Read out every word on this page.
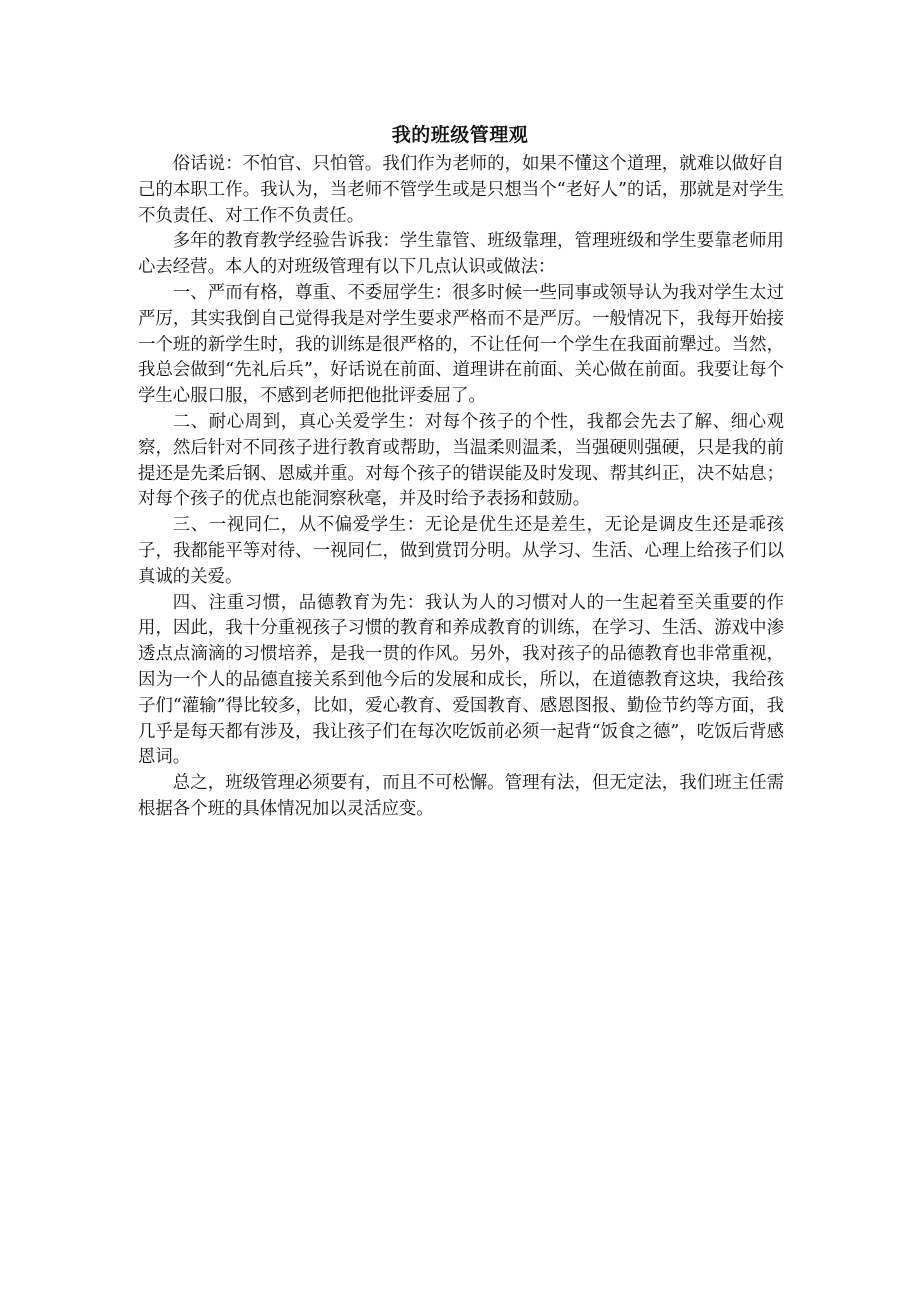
我的班级管理观

俗话说：不怕官、只怕管。我们作为老师的，如果不懂这个道理，就难以做好自己的本职工作。我认为，当老师不管学生或是只想当个“老好人”的话，那就是对学生不负责任、对工作不负责任。

多年的教育教学经验告诉我：学生靠管、班级靠理，管理班级和学生要靠老师用心去经营。本人的对班级管理有以下几点认识或做法：

一、严而有格，尊重、不委屈学生：很多时候一些同事或领导认为我对学生太过严厉，其实我倒自己觉得我是对学生要求严格而不是严厉。一般情况下，我每开始接一个班的新学生时，我的训练是很严格的，不让任何一个学生在我面前犟过。当然，我总会做到“先礼后兵”，好话说在前面、道理讲在前面、关心做在前面。我要让每个学生心服口服，不感到老师把他批评委屈了。

二、耐心周到，真心关爱学生：对每个孩子的个性，我都会先去了解、细心观察，然后针对不同孩子进行教育或帮助，当温柔则温柔，当强硬则强硬，只是我的前提还是先柔后钢、恩威并重。对每个孩子的错误能及时发现、帮其纠正，决不姑息；对每个孩子的优点也能洞察秋毫，并及时给予表扬和鼓励。

三、一视同仁，从不偏爱学生：无论是优生还是差生，无论是调皮生还是乖孩子，我都能平等对待、一视同仁，做到赏罚分明。从学习、生活、心理上给孩子们以真诚的关爱。

四、注重习惯，品德教育为先：我认为人的习惯对人的一生起着至关重要的作用，因此，我十分重视孩子习惯的教育和养成教育的训练，在学习、生活、游戏中渗透点点滴滴的习惯培养，是我一贯的作风。另外，我对孩子的品德教育也非常重视，因为一个人的品德直接关系到他今后的发展和成长，所以，在道德教育这块，我给孩子们“灌输”得比较多，比如，爱心教育、爱国教育、感恩图报、勤俭节约等方面，我几乎是每天都有涉及，我让孩子们在每次吃饭前必须一起背“饭食之德”，吃饭后背感恩词。

总之，班级管理必须要有，而且不可松懈。管理有法，但无定法，我们班主任需根据各个班的具体情况加以灵活应变。
